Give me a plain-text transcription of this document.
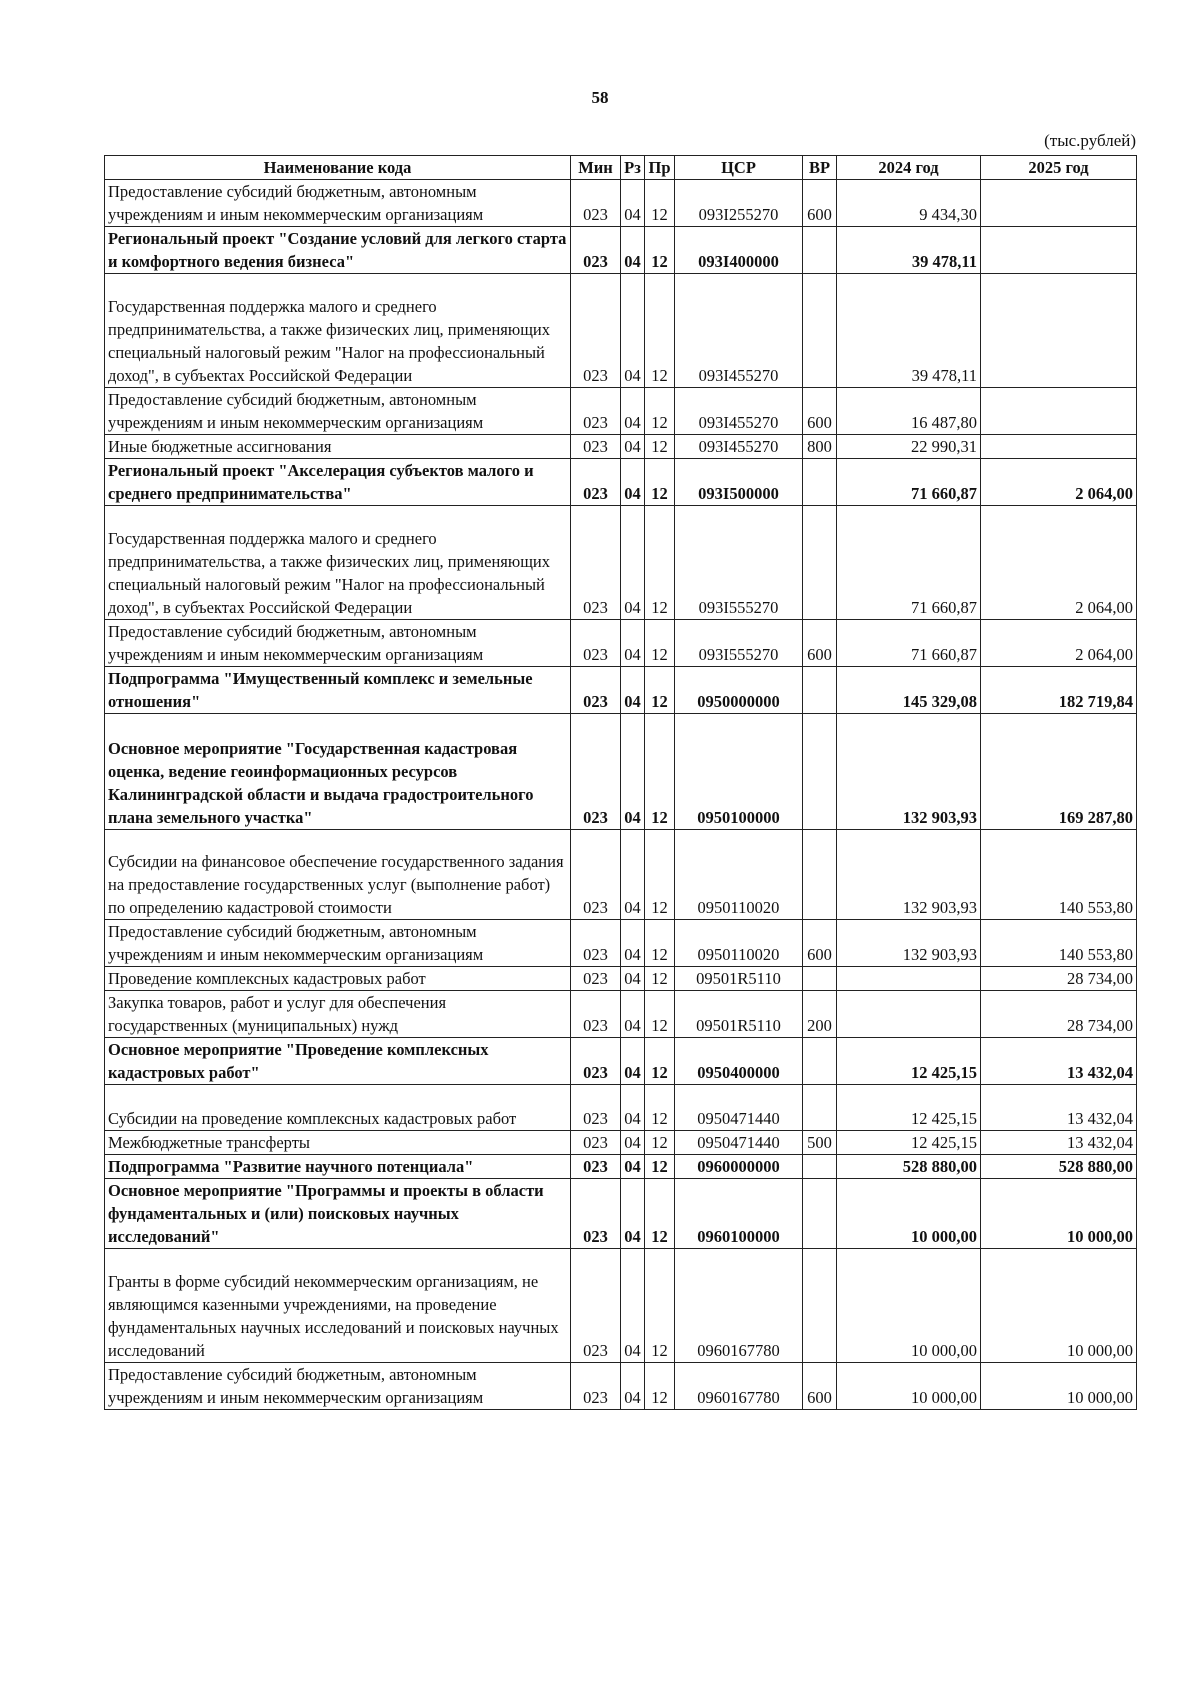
58
(тыс.рублей)
Наименование кода	Мин	Рз	Пр	ЦСР	ВР	2024 год	2025 год
Предоставление субсидий бюджетным, автономным учреждениям и иным некоммерческим организациям	023	04	12	093I255270	600	9 434,30	
Региональный проект "Создание условий для легкого старта и комфортного ведения бизнеса"	023	04	12	093I400000		39 478,11	
Государственная поддержка малого и среднего предпринимательства, а также физических лиц, применяющих специальный налоговый режим "Налог на профессиональный доход", в субъектах Российской Федерации	023	04	12	093I455270		39 478,11	
Предоставление субсидий бюджетным, автономным учреждениям и иным некоммерческим организациям	023	04	12	093I455270	600	16 487,80	
Иные бюджетные ассигнования	023	04	12	093I455270	800	22 990,31	
Региональный проект "Акселерация субъектов малого и среднего предпринимательства"	023	04	12	093I500000		71 660,87	2 064,00
Государственная поддержка малого и среднего предпринимательства, а также физических лиц, применяющих специальный налоговый режим "Налог на профессиональный доход", в субъектах Российской Федерации	023	04	12	093I555270		71 660,87	2 064,00
Предоставление субсидий бюджетным, автономным учреждениям и иным некоммерческим организациям	023	04	12	093I555270	600	71 660,87	2 064,00
Подпрограмма "Имущественный комплекс и земельные отношения"	023	04	12	0950000000		145 329,08	182 719,84
Основное мероприятие "Государственная кадастровая оценка, ведение геоинформационных ресурсов Калининградской области и выдача градостроительного плана земельного участка"	023	04	12	0950100000		132 903,93	169 287,80
Субсидии на финансовое обеспечение государственного задания на предоставление государственных услуг (выполнение работ) по определению кадастровой стоимости	023	04	12	0950110020		132 903,93	140 553,80
Предоставление субсидий бюджетным, автономным учреждениям и иным некоммерческим организациям	023	04	12	0950110020	600	132 903,93	140 553,80
Проведение комплексных кадастровых работ	023	04	12	09501R5110			28 734,00
Закупка товаров, работ и услуг для обеспечения государственных (муниципальных) нужд	023	04	12	09501R5110	200		28 734,00
Основное мероприятие "Проведение комплексных кадастровых работ"	023	04	12	0950400000		12 425,15	13 432,04
Субсидии на проведение комплексных кадастровых работ	023	04	12	0950471440		12 425,15	13 432,04
Межбюджетные трансферты	023	04	12	0950471440	500	12 425,15	13 432,04
Подпрограмма "Развитие научного потенциала"	023	04	12	0960000000		528 880,00	528 880,00
Основное мероприятие "Программы и проекты в области фундаментальных и (или) поисковых научных исследований"	023	04	12	0960100000		10 000,00	10 000,00
Гранты в форме субсидий некоммерческим организациям, не являющимся казенными учреждениями, на проведение фундаментальных научных исследований и поисковых научных исследований	023	04	12	0960167780		10 000,00	10 000,00
Предоставление субсидий бюджетным, автономным учреждениям и иным некоммерческим организациям	023	04	12	0960167780	600	10 000,00	10 000,00
